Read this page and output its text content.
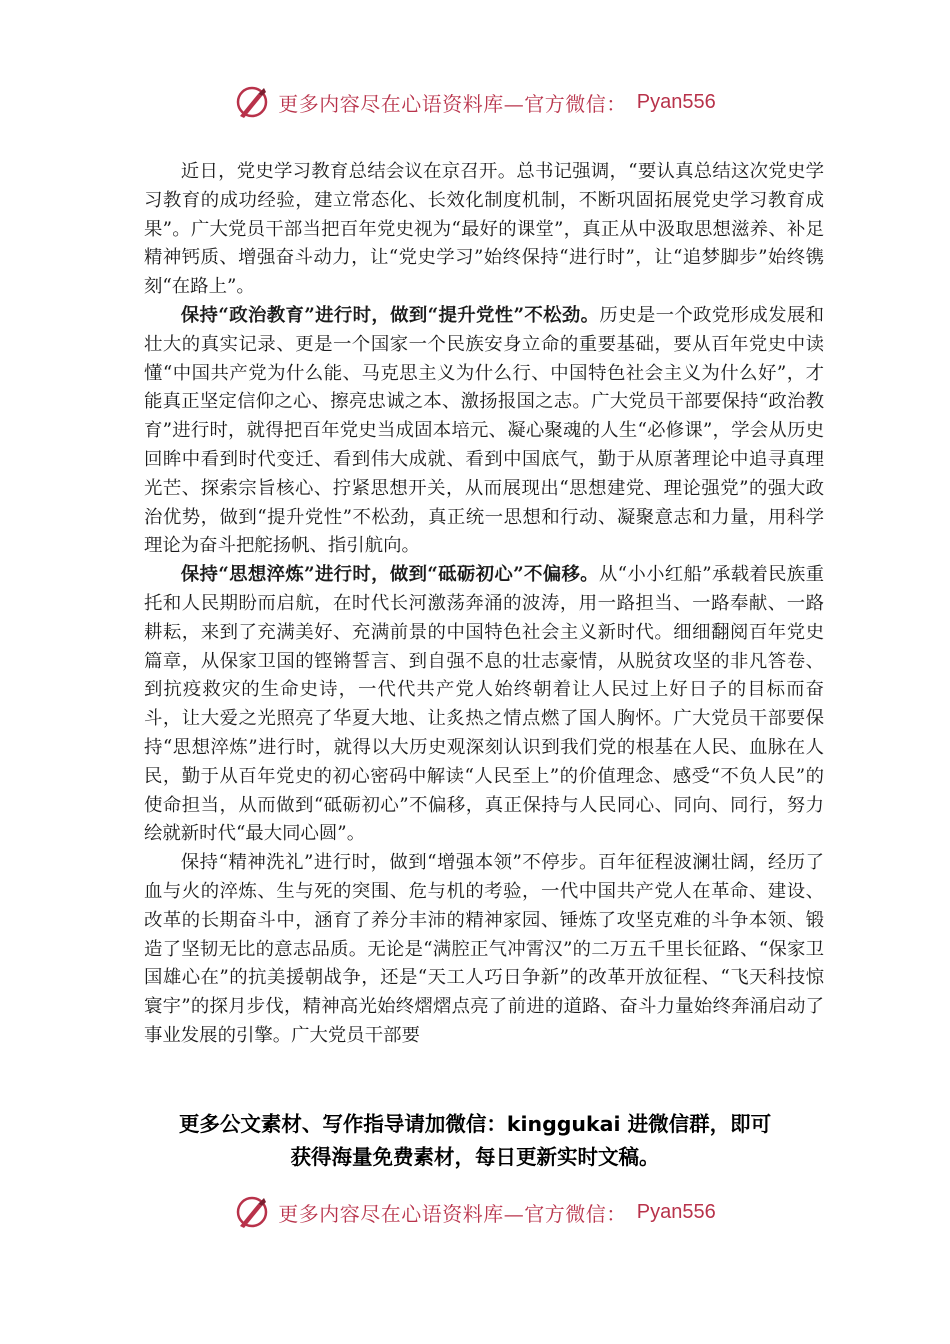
更多内容尽在心语资料库—官方微信： Pyan556

近日，党史学习教育总结会议在京召开。总书记强调，“要认真总结这次党史学习教育的成功经验，建立常态化、长效化制度机制，不断巩固拓展党史学习教育成果”。广大党员干部当把百年党史视为“最好的课堂”，真正从中汲取思想滋养、补足精神钙质、增强奋斗动力，让“党史学习”始终保持“进行时”，让“追梦脚步”始终镌刻“在路上”。

保持“政治教育”进行时，做到“提升党性”不松劲。历史是一个政党形成发展和壮大的真实记录、更是一个国家一个民族安身立命的重要基础，要从百年党史中读懂“中国共产党为什么能、马克思主义为什么行、中国特色社会主义为什么好”，才能真正坚定信仰之心、擦亮忠诚之本、激扬报国之志。广大党员干部要保持“政治教育”进行时，就得把百年党史当成固本培元、凝心聚魂的人生“必修课”，学会从历史回眸中看到时代变迁、看到伟大成就、看到中国底气，勤于从原著理论中追寻真理光芒、探索宗旨核心、拧紧思想开关，从而展现出“思想建党、理论强党”的强大政治优势，做到“提升党性”不松劲，真正统一思想和行动、凝聚意志和力量，用科学理论为奋斗把舵扬帆、指引航向。

保持“思想淬炼”进行时，做到“砥砺初心”不偏移。从“小小红船”承载着民族重托和人民期盼而启航，在时代长河激荡奔涌的波涛，用一路担当、一路奉献、一路耕耘，来到了充满美好、充满前景的中国特色社会主义新时代。细细翻阅百年党史篇章，从保家卫国的铿锵誓言、到自强不息的壮志豪情，从脱贫攻坚的非凡答卷、到抗疫救灾的生命史诗，一代代共产党人始终朝着让人民过上好日子的目标而奋斗，让大爱之光照亮了华夏大地、让炙热之情点燃了国人胸怀。广大党员干部要保持“思想淬炼”进行时，就得以大历史观深刻认识到我们党的根基在人民、血脉在人民，勤于从百年党史的初心密码中解读“人民至上”的价值理念、感受“不负人民”的使命担当，从而做到“砥砺初心”不偏移，真正保持与人民同心、同向、同行，努力绘就新时代“最大同心圆”。

保持“精神洗礼”进行时，做到“增强本领”不停步。百年征程波澜壮阔，经历了血与火的淬炼、生与死的突围、危与机的考验，一代中国共产党人在革命、建设、改革的长期奋斗中，涵育了养分丰沛的精神家园、锤炼了攻坚克难的斗争本领、锻造了坚韧无比的意志品质。无论是“满腔正气冲霄汉”的二万五千里长征路、“保家卫国雄心在”的抗美援朝战争，还是“天工人巧日争新”的改革开放征程、“飞天科技惊寰宇”的探月步伐，精神高光始终熠熠点亮了前进的道路、奋斗力量始终奔涌启动了事业发展的引擎。广大党员干部要

更多公文素材、写作指导请加微信：kinggukai 进微信群，即可
获得海量免费素材，每日更新实时文稿。
更多内容尽在心语资料库—官方微信： Pyan556
